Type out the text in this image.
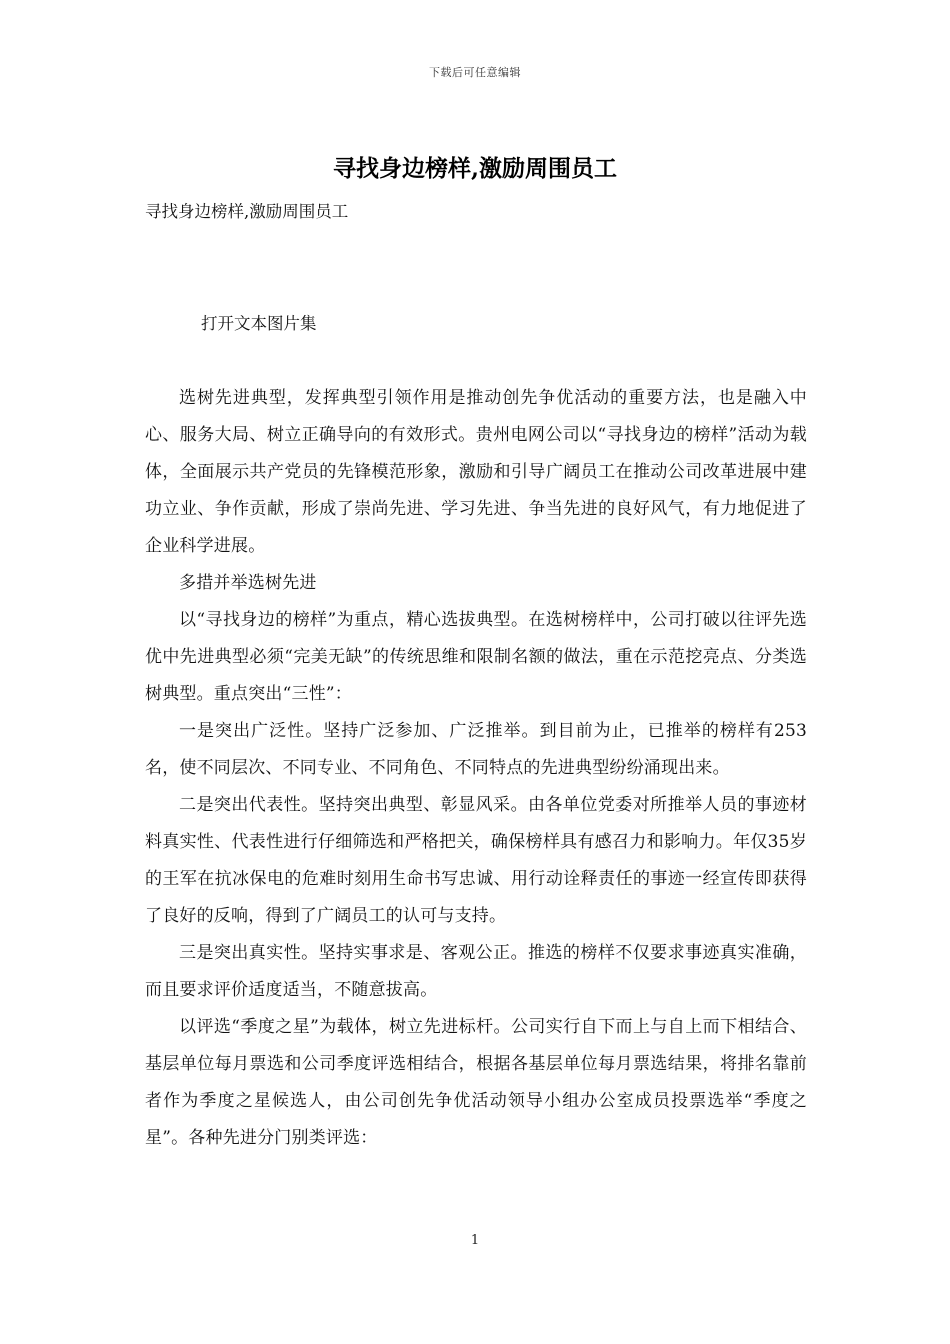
下载后可任意编辑
寻找身边榜样,激励周围员工
寻找身边榜样,激励周围员工
打开文本图片集

选树先进典型，发挥典型引领作用是推动创先争优活动的重要方法，也是融入中心、服务大局、树立正确导向的有效形式。贵州电网公司以“寻找身边的榜样”活动为载体，全面展示共产党员的先锋模范形象，激励和引导广阔员工在推动公司改革进展中建功立业、争作贡献，形成了崇尚先进、学习先进、争当先进的良好风气，有力地促进了企业科学进展。

多措并举选树先进

以“寻找身边的榜样”为重点，精心选拔典型。在选树榜样中，公司打破以往评先选优中先进典型必须“完美无缺”的传统思维和限制名额的做法，重在示范挖亮点、分类选树典型。重点突出“三性”：

一是突出广泛性。坚持广泛参加、广泛推举。到目前为止，已推举的榜样有253名，使不同层次、不同专业、不同角色、不同特点的先进典型纷纷涌现出来。

二是突出代表性。坚持突出典型、彰显风采。由各单位党委对所推举人员的事迹材料真实性、代表性进行仔细筛选和严格把关，确保榜样具有感召力和影响力。年仅35岁的王军在抗冰保电的危难时刻用生命书写忠诚、用行动诠释责任的事迹一经宣传即获得了良好的反响，得到了广阔员工的认可与支持。

三是突出真实性。坚持实事求是、客观公正。推选的榜样不仅要求事迹真实准确，而且要求评价适度适当，不随意拔高。

以评选“季度之星”为载体，树立先进标杆。公司实行自下而上与自上而下相结合、基层单位每月票选和公司季度评选相结合，根据各基层单位每月票选结果，将排名靠前者作为季度之星候选人，由公司创先争优活动领导小组办公室成员投票选举“季度之星”。各种先进分门别类评选：

1
